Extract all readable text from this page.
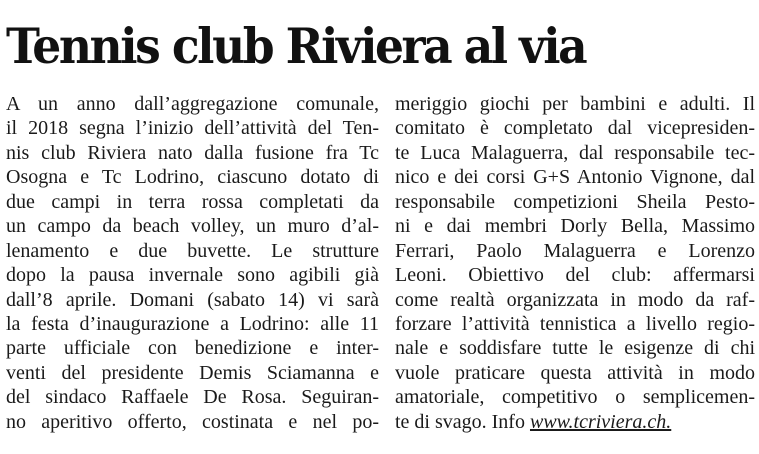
Tennis club Riviera al via
A un anno dall’aggregazione comunale,
il 2018 segna l’inizio dell’attività del Ten-
nis club Riviera nato dalla fusione fra Tc
Osogna e Tc Lodrino, ciascuno dotato di
due campi in terra rossa completati da
un campo da beach volley, un muro d’al-
lenamento e due buvette. Le strutture
dopo la pausa invernale sono agibili già
dall’8 aprile. Domani (sabato 14) vi sarà
la festa d’inaugurazione a Lodrino: alle 11
parte ufficiale con benedizione e inter-
venti del presidente Demis Sciamanna e
del sindaco Raffaele De Rosa. Seguiran-
no aperitivo offerto, costinata e nel po-
meriggio giochi per bambini e adulti. Il
comitato è completato dal vicepresiden-
te Luca Malaguerra, dal responsabile tec-
nico e dei corsi G+S Antonio Vignone, dal
responsabile competizioni Sheila Pesto-
ni e dai membri Dorly Bella, Massimo
Ferrari, Paolo Malaguerra e Lorenzo
Leoni. Obiettivo del club: affermarsi
come realtà organizzata in modo da raf-
forzare l’attività tennistica a livello regio-
nale e soddisfare tutte le esigenze di chi
vuole praticare questa attività in modo
amatoriale, competitivo o semplicemen-
te di svago. Info www.tcriviera.ch.
